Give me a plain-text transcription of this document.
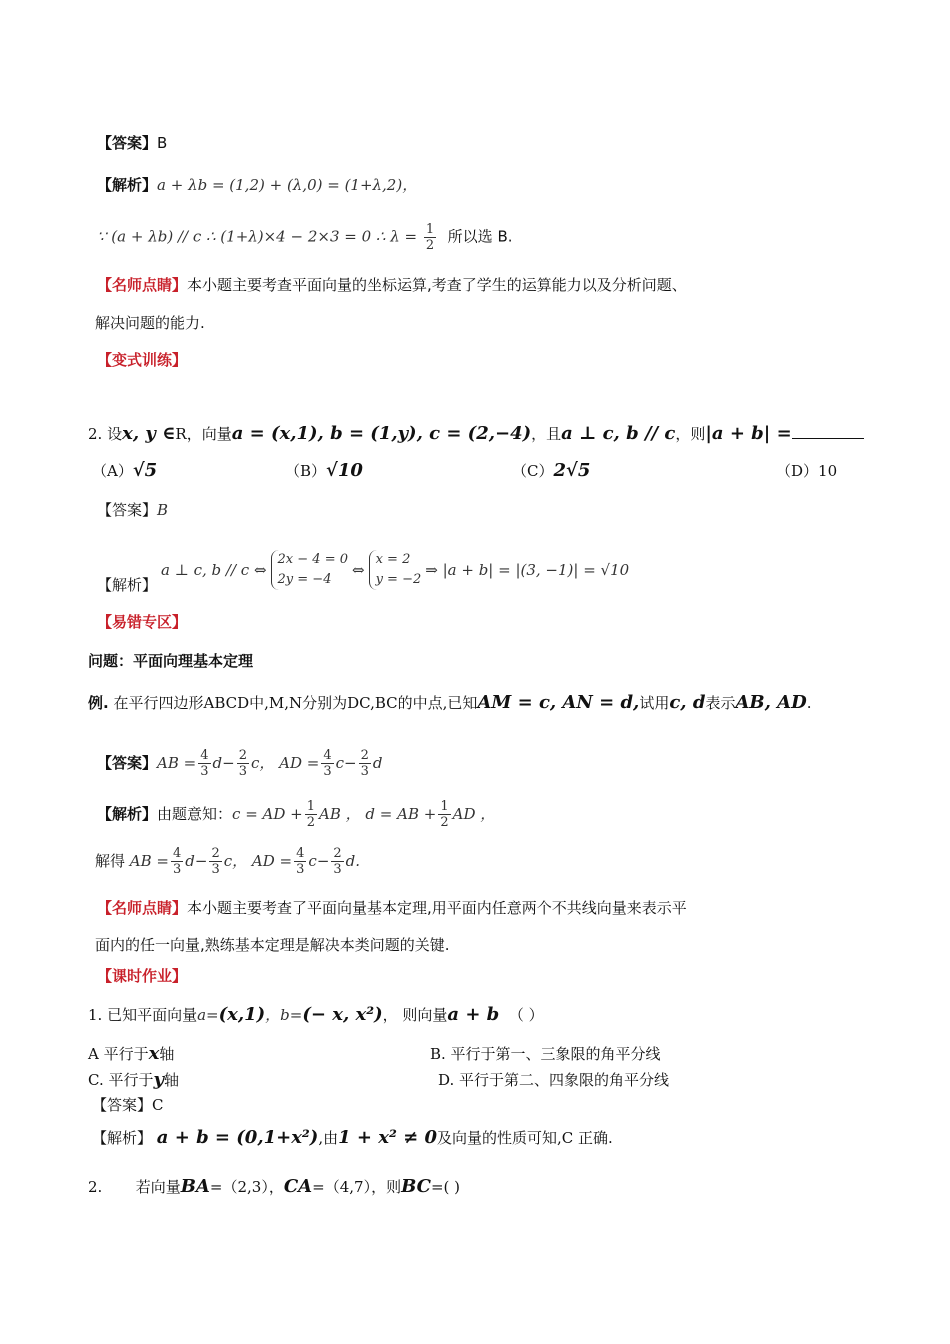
【答案】B
【解析】a + λb = (1,2) + (λ,0) = (1+λ,2)，
∵ (a + λb) // c ∴ (1+λ)×4 − 2×3 = 0 ∴ $\lambda = \frac{1}{2}$ 所以选 B.
【名师点睛】本小题主要考查平面向量的坐标运算,考查了学生的运算能力以及分析问题、
解决问题的能力.
【变式训练】
2. 设x, y ∈R，向量a = (x,1), b = (1,y), c = (2,−4)，且a ⊥ c, b // c，则|a + b| =
（A）√5	（B）√10	（C）2√5	（D）10
【答案】B
【解析】
a ⊥ c, b // c ⇔
2x − 4 = 0
2y = −4
⇔
x = 2
y = −2
⇒ |a + b| = |(3, −1)| = √10
【易错专区】
问题：平面向理基本定理
例. 在平行四边形ABCD中,M,N分别为DC,BC的中点,已知AM = c, AN = d,试用c, d表示AB, AD.
【答案】 AB = $\frac{4}{3}$ $d - \frac{2}{3}$ c ， AD = $\frac{4}{3}$ $c - \frac{2}{3}$ d
【解析】 由题意知： c = AD + $\frac{1}{2}$ AB ，
d = AB + $\frac{1}{2}$ AD ，
解得
AB = $\frac{4}{3}$ $d - \frac{2}{3}$ c ， AD = $\frac{4}{3}$ $c - \frac{2}{3}$ d .
【名师点睛】本小题主要考查了平面向量基本定理,用平面内任意两个不共线向量来表示平
面内的任一向量,熟练基本定理是解决本类问题的关键.
【课时作业】
1. 已知平面向量a=(x,1)，b=(− x, x²)， 则向量a + b （ ）
A 平行于x轴	B. 平行于第一、三象限的角平分线
C. 平行于y轴	D. 平行于第二、四象限的角平分线
【答案】C
【解析】 a + b = (0,1+x²),由1 + x² ≠ 0及向量的性质可知,C 正确.
2. 若向量BA=（2,3），CA=（4,7），则BC=( )
